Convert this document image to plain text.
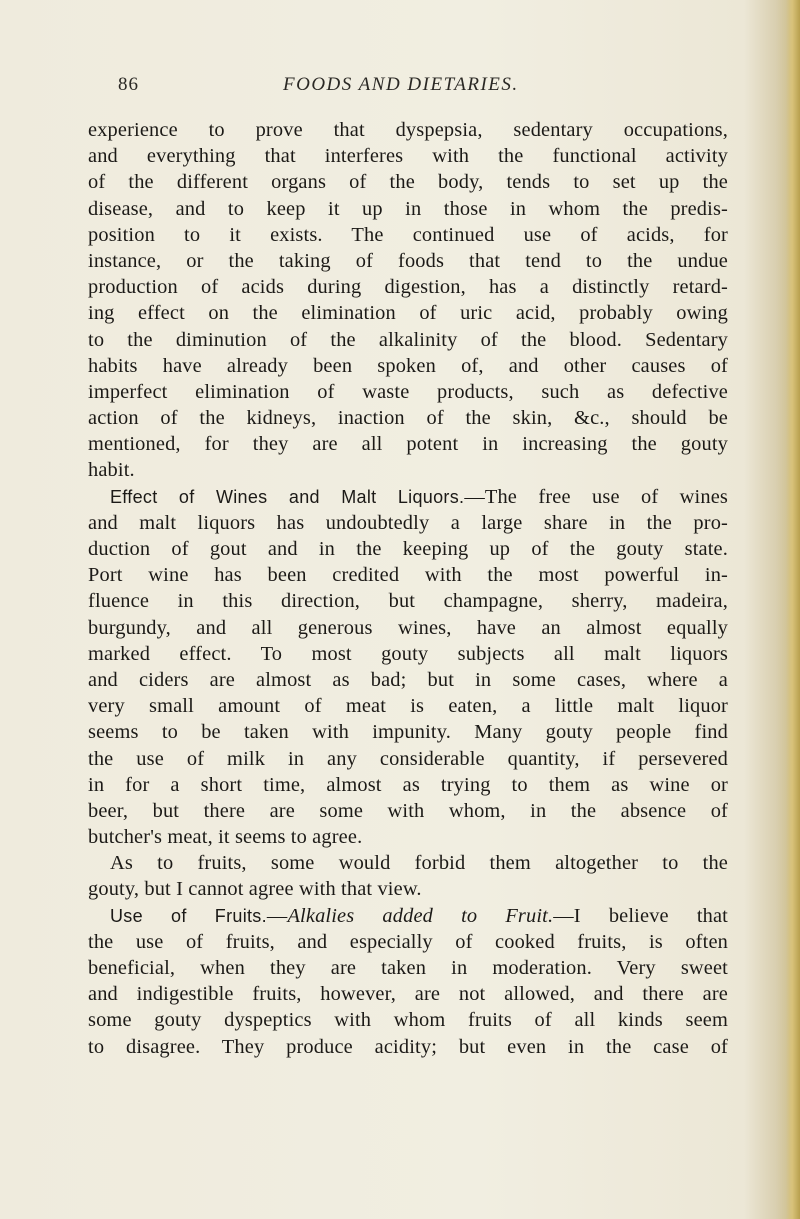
86	FOODS AND DIETARIES.
experience to prove that dyspepsia, sedentary occupations,
and everything that interferes with the functional activity
of the different organs of the body, tends to set up the
disease, and to keep it up in those in whom the predis-
position to it exists. The continued use of acids, for
instance, or the taking of foods that tend to the undue
production of acids during digestion, has a distinctly retard-
ing effect on the elimination of uric acid, probably owing
to the diminution of the alkalinity of the blood. Sedentary
habits have already been spoken of, and other causes of
imperfect elimination of waste products, such as defective
action of the kidneys, inaction of the skin, &c., should be
mentioned, for they are all potent in increasing the gouty
habit.
Effect of Wines and Malt Liquors.—The free use of wines
and malt liquors has undoubtedly a large share in the pro-
duction of gout and in the keeping up of the gouty state.
Port wine has been credited with the most powerful in-
fluence in this direction, but champagne, sherry, madeira,
burgundy, and all generous wines, have an almost equally
marked effect. To most gouty subjects all malt liquors
and ciders are almost as bad; but in some cases, where a
very small amount of meat is eaten, a little malt liquor
seems to be taken with impunity. Many gouty people find
the use of milk in any considerable quantity, if persevered
in for a short time, almost as trying to them as wine or
beer, but there are some with whom, in the absence of
butcher's meat, it seems to agree.
As to fruits, some would forbid them altogether to the
gouty, but I cannot agree with that view.
Use of Fruits.—Alkalies added to Fruit.—I believe that
the use of fruits, and especially of cooked fruits, is often
beneficial, when they are taken in moderation. Very sweet
and indigestible fruits, however, are not allowed, and there are
some gouty dyspeptics with whom fruits of all kinds seem
to disagree. They produce acidity; but even in the case of
